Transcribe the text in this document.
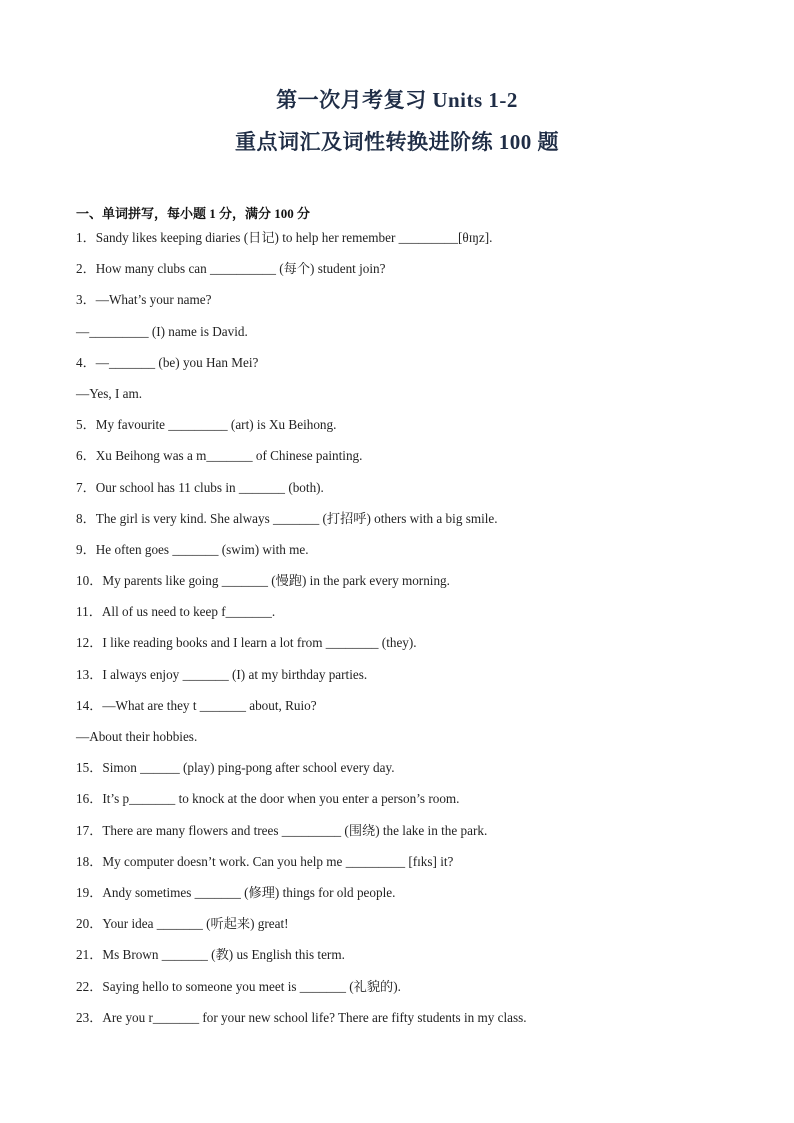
第一次月考复习 Units 1-2
重点词汇及词性转换进阶练 100 题
一、单词拼写，每小题 1 分，满分 100 分
1．Sandy likes keeping diaries (日记) to help her remember _________[θɪŋz].
2．How many clubs can __________ (每个) student join?
3．—What’s your name?
—_________ (I) name is David.
4．—_______ (be) you Han Mei?
—Yes, I am.
5．My favourite _________ (art) is Xu Beihong.
6．Xu Beihong was a m_______ of Chinese painting.
7．Our school has 11 clubs in _______ (both).
8．The girl is very kind. She always _______ (打招呼) others with a big smile.
9．He often goes _______ (swim) with me.
10．My parents like going _______ (慢跑) in the park every morning.
11．All of us need to keep f_______.
12．I like reading books and I learn a lot from ________ (they).
13．I always enjoy _______ (I) at my birthday parties.
14．—What are they t _______ about, Ruio?
—About their hobbies.
15．Simon ______ (play) ping-pong after school every day.
16．It’s p_______ to knock at the door when you enter a person’s room.
17．There are many flowers and trees _________ (围绕) the lake in the park.
18．My computer doesn’t work. Can you help me _________ [fɪks] it?
19．Andy sometimes _______ (修理) things for old people.
20．Your idea _______ (听起来) great!
21．Ms Brown _______ (教) us English this term.
22．Saying hello to someone you meet is _______ (礼貌的).
23．Are you r_______ for your new school life? There are fifty students in my class.
